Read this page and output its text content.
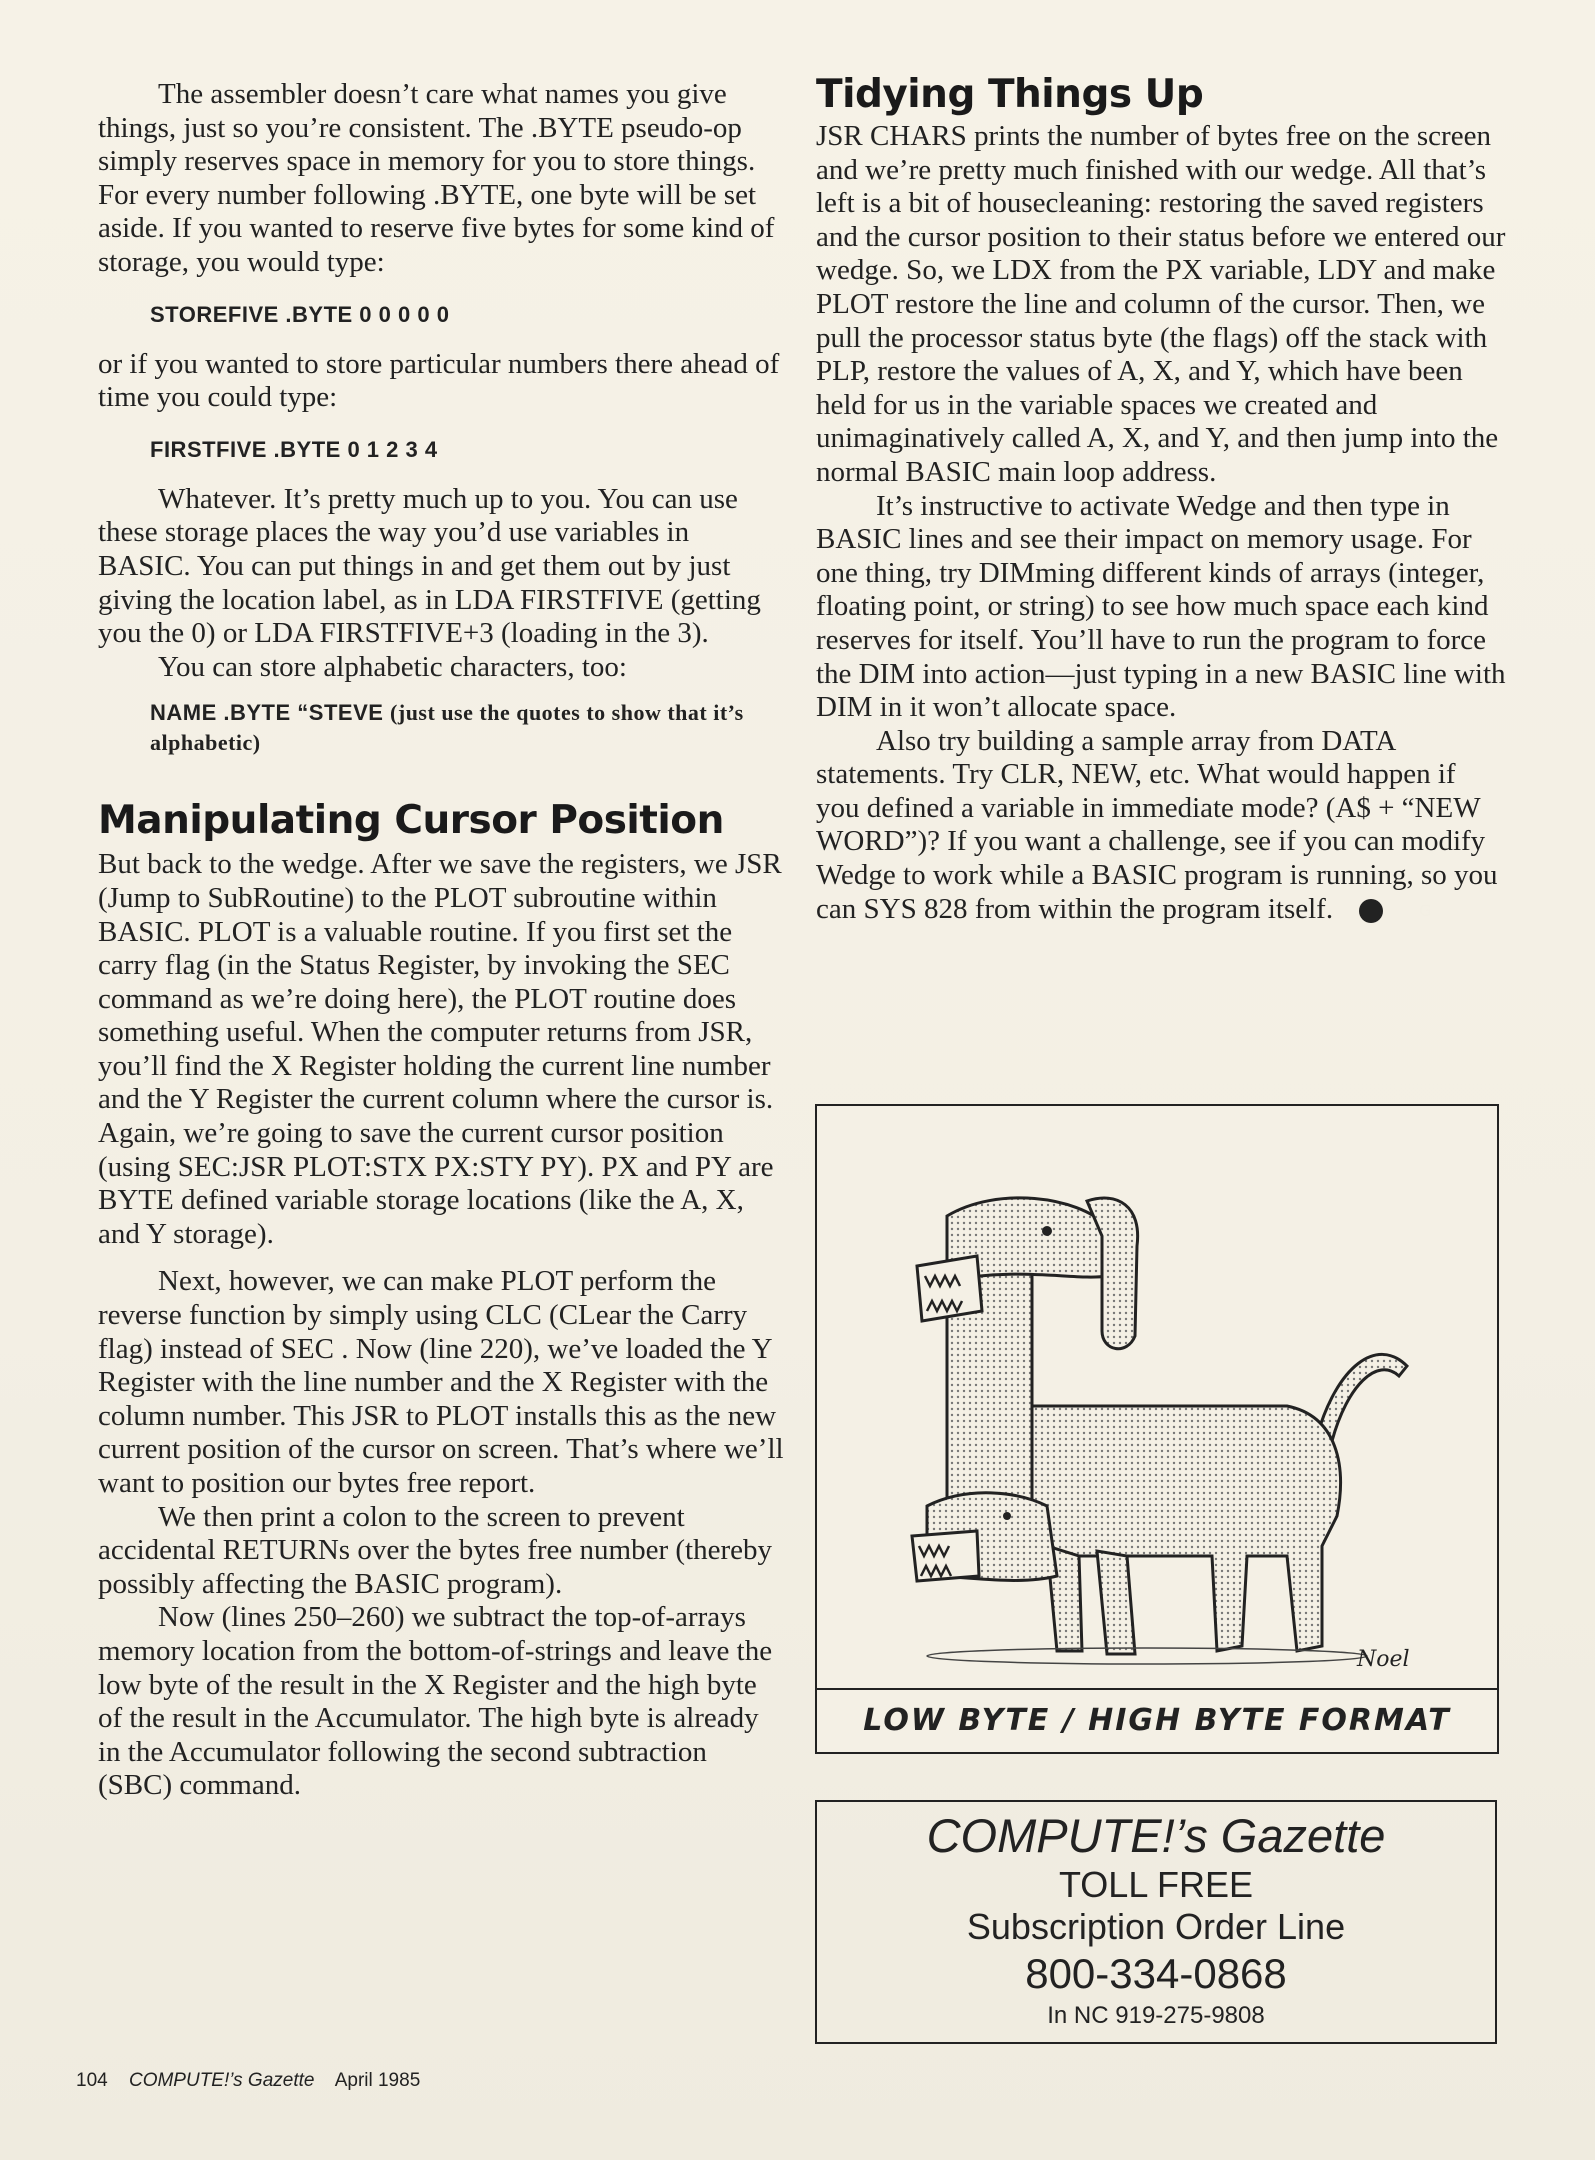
The assembler doesn’t care what names you give things, just so you’re consistent. The .BYTE pseudo-op simply reserves space in memory for you to store things. For every number following .BYTE, one byte will be set aside. If you wanted to reserve five bytes for some kind of storage, you would type:

STOREFIVE .BYTE 0 0 0 0 0

or if you wanted to store particular numbers there ahead of time you could type:

FIRSTFIVE .BYTE 0 1 2 3 4

Whatever. It’s pretty much up to you. You can use these storage places the way you’d use variables in BASIC. You can put things in and get them out by just giving the location label, as in LDA FIRSTFIVE (getting you the 0) or LDA FIRSTFIVE+3 (loading in the 3).

You can store alphabetic characters, too:

NAME .BYTE “STEVE (just use the quotes to show that it’s alphabetic)
Manipulating Cursor Position

But back to the wedge. After we save the registers, we JSR (Jump to SubRoutine) to the PLOT subroutine within BASIC. PLOT is a valuable routine. If you first set the carry flag (in the Status Register, by invoking the SEC command as we’re doing here), the PLOT routine does something useful. When the computer returns from JSR, you’ll find the X Register holding the current line number and the Y Register the current column where the cursor is. Again, we’re going to save the current cursor position (using SEC:JSR PLOT:STX PX:STY PY). PX and PY are BYTE defined variable storage locations (like the A, X, and Y storage).

Next, however, we can make PLOT perform the reverse function by simply using CLC (CLear the Carry flag) instead of SEC . Now (line 220), we’ve loaded the Y Register with the line number and the X Register with the column number. This JSR to PLOT installs this as the new current position of the cursor on screen. That’s where we’ll want to position our bytes free report.

We then print a colon to the screen to prevent accidental RETURNs over the bytes free number (thereby possibly affecting the BASIC program).

Now (lines 250–260) we subtract the top-of-arrays memory location from the bottom-of-strings and leave the low byte of the result in the X Register and the high byte of the result in the Accumulator. The high byte is already in the Accumulator following the second subtraction (SBC) command.

Tidying Things Up

JSR CHARS prints the number of bytes free on the screen and we’re pretty much finished with our wedge. All that’s left is a bit of housecleaning: restoring the saved registers and the cursor position to their status before we entered our wedge. So, we LDX from the PX variable, LDY and make PLOT restore the line and column of the cursor. Then, we pull the processor status byte (the flags) off the stack with PLP, restore the values of A, X, and Y, which have been held for us in the variable spaces we created and unimaginatively called A, X, and Y, and then jump into the normal BASIC main loop address.

It’s instructive to activate Wedge and then type in BASIC lines and see their impact on memory usage. For one thing, try DIMming different kinds of arrays (integer, floating point, or string) to see how much space each kind reserves for itself. You’ll have to run the program to force the DIM into action—just typing in a new BASIC line with DIM in it won’t allocate space.

Also try building a sample array from DATA statements. Try CLR, NEW, etc. What would happen if you defined a variable in immediate mode? (A$ + “NEW WORD”)? If you want a challenge, see if you can modify Wedge to work while a BASIC program is running, so you can SYS 828 from within the program itself.	G

Noel
LOW BYTE / HIGH BYTE FORMAT
COMPUTE!’s Gazette
TOLL FREE
Subscription Order Line
800-334-0868
In NC 919-275-9808
104 COMPUTE!’s Gazette April 1985
